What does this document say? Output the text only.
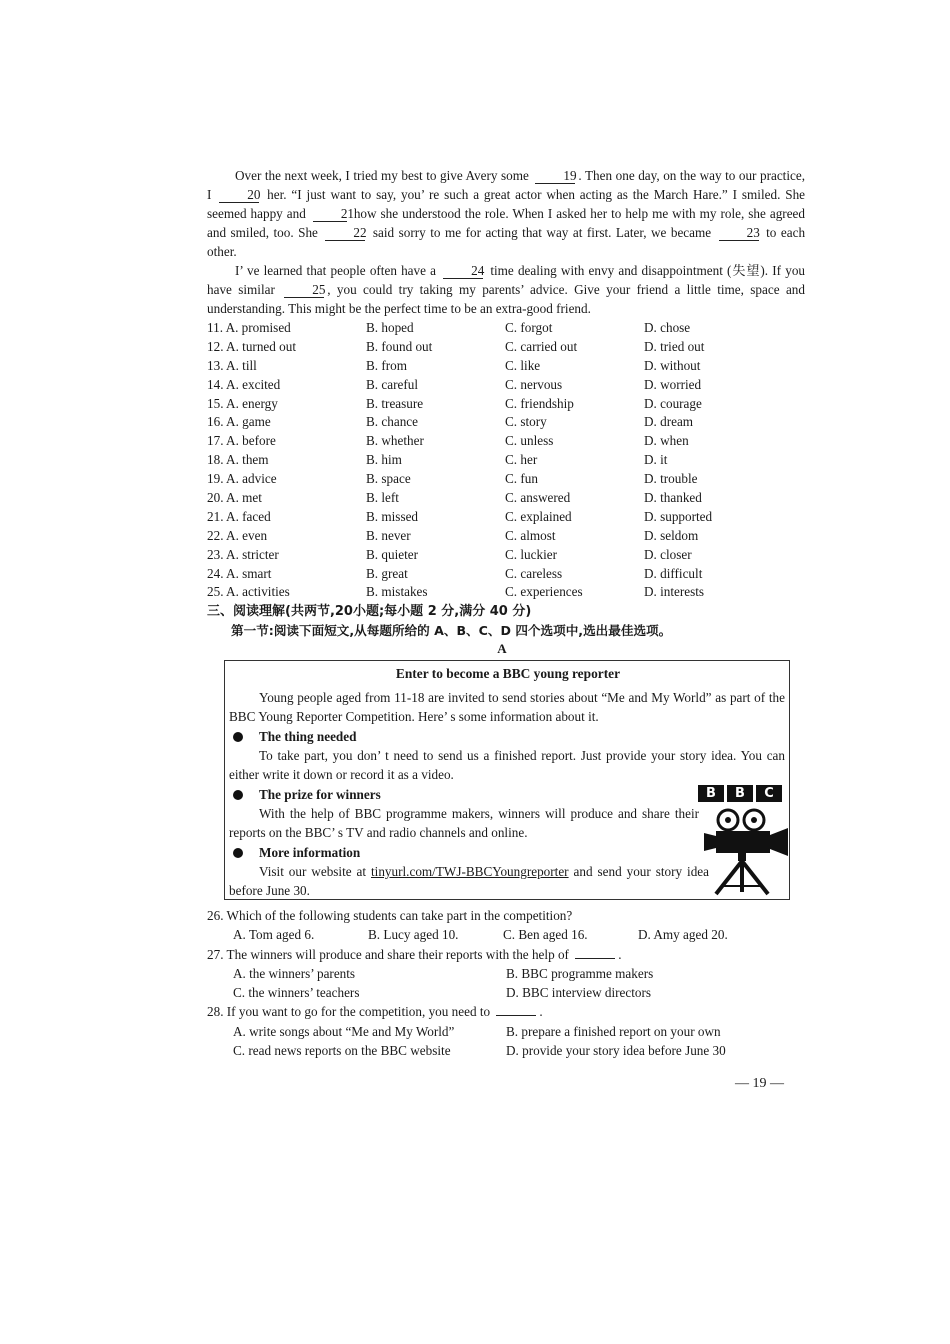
Over the next week, I tried my best to give Avery some	19 . Then one day, on the way to our practice, I	20 her. “I just want to say, you’ re such a great actor when acting as the March Hare.” I smiled. She seemed happy and	21 how she understood the role. When I asked her to help me with my role, she agreed and smiled, too. She	22 said sorry to me for acting that way at first. Later, we became	23 to each other.

I’ ve learned that people often have a	24 time dealing with envy and disappointment (失望). If you have similar	25 , you could try taking my parents’ advice. Give your friend a little time, space and understanding. This might be the perfect time to be an extra-good friend.

11. A. promised	B. hoped	C. forgot	D. chose
12. A. turned out	B. found out	C. carried out	D. tried out
13. A. till	B. from	C. like	D. without
14. A. excited	B. careful	C. nervous	D. worried
15. A. energy	B. treasure	C. friendship	D. courage
16. A. game	B. chance	C. story	D. dream
17. A. before	B. whether	C. unless	D. when
18. A. them	B. him	C. her	D. it
19. A. advice	B. space	C. fun	D. trouble
20. A. met	B. left	C. answered	D. thanked
21. A. faced	B. missed	C. explained	D. supported
22. A. even	B. never	C. almost	D. seldom
23. A. stricter	B. quieter	C. luckier	D. closer
24. A. smart	B. great	C. careless	D. difficult
25. A. activities	B. mistakes	C. experiences	D. interests
三、阅读理解(共两节,20小题;每小题 2 分,满分 40 分)
第一节:阅读下面短文,从每题所给的 A、B、C、D 四个选项中,选出最佳选项。
A
Enter to become a BBC young reporter

Young people aged from 11-18 are invited to send stories about “Me and My World” as part of the BBC Young Reporter Competition. Here’ s some information about it.

The thing needed

To take part, you don’ t need to send us a finished report. Just provide your story idea. You can either write it down or record it as a video.

The prize for winners

With the help of BBC programme makers, winners will produce and share their reports on the BBC’ s TV and radio channels and online.

More information

Visit our website at tinyurl.com/TWJ-BBCYoungreporter and send your story idea before June 30.

B	B	C

26. Which of the following students can take part in the competition?

A. Tom aged 6.	B. Lucy aged 10.	C. Ben aged 16.	D. Amy aged 20.

27. The winners will produce and share their reports with the help of	.

A. the winners’ parents	B. BBC programme makers
C. the winners’ teachers	D. BBC interview directors

28. If you want to go for the competition, you need to	.

A. write songs about “Me and My World”	B. prepare a finished report on your own
C. read news reports on the BBC website	D. provide your story idea before June 30
— 19 —
